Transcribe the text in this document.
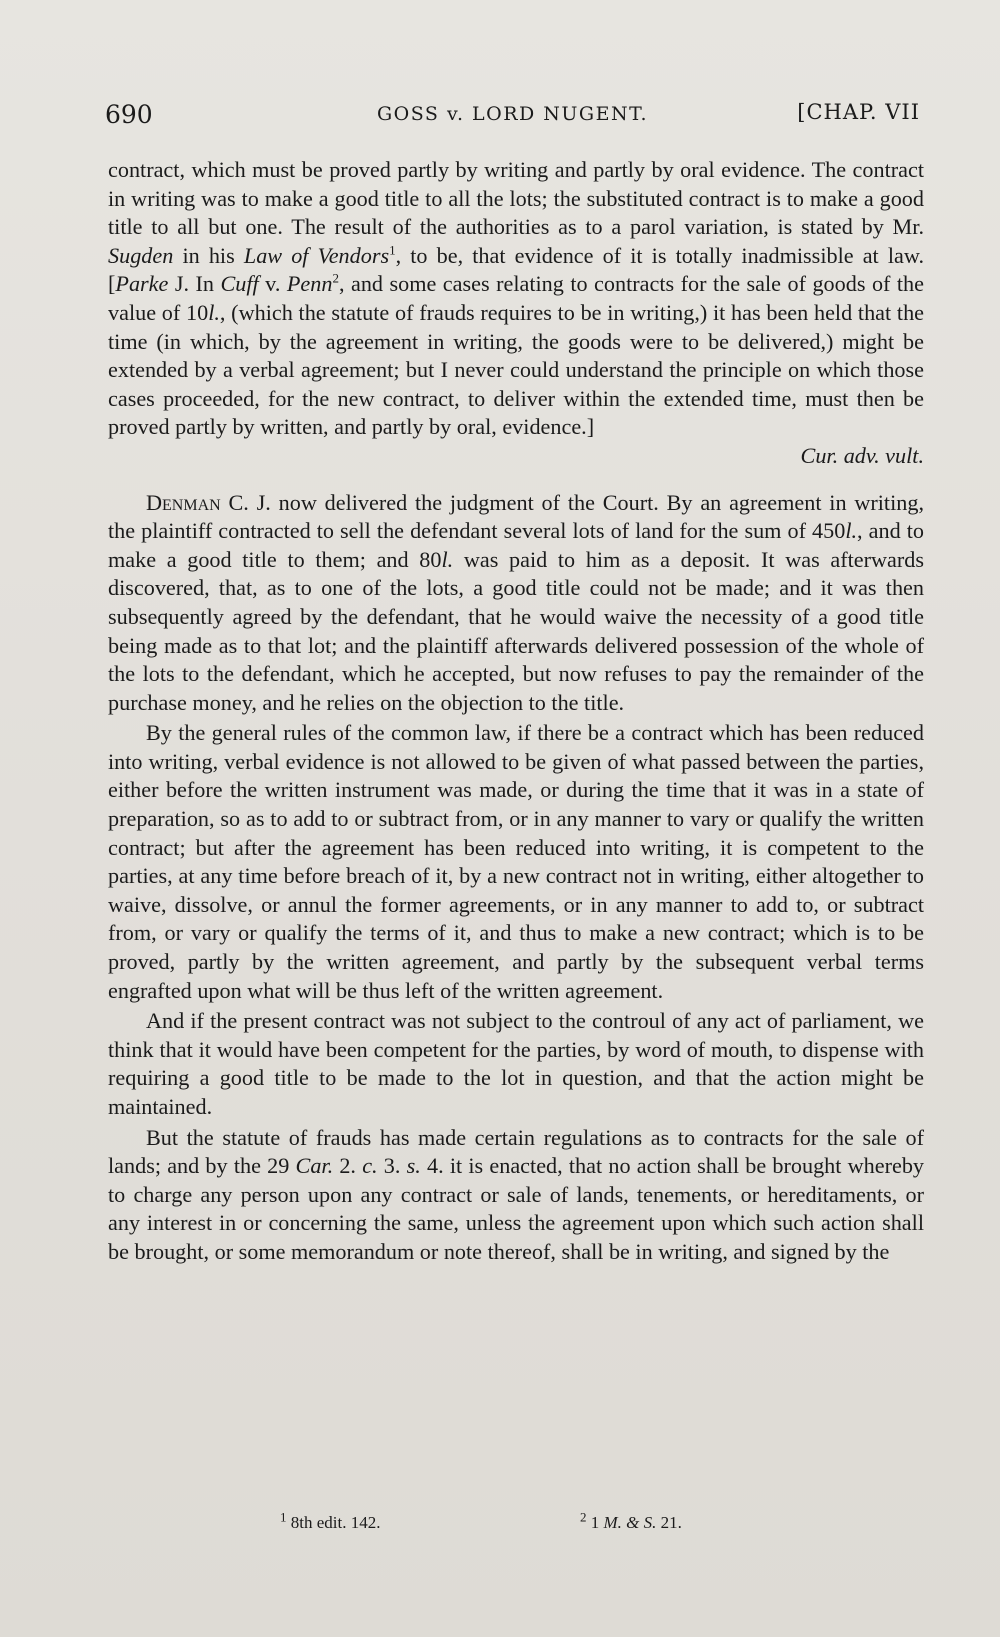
690	GOSS v. LORD NUGENT.	[CHAP. VII

contract, which must be proved partly by writing and partly by oral evidence. The contract in writing was to make a good title to all the lots; the substituted contract is to make a good title to all but one. The result of the authorities as to a parol variation, is stated by Mr. Sugden in his Law of Vendors$^1$, to be, that evidence of it is totally inadmissible at law. [Parke J. In Cuff v. Penn$^2$, and some cases relating to contracts for the sale of goods of the value of 10l., (which the statute of frauds requires to be in writing,) it has been held that the time (in which, by the agreement in writing, the goods were to be delivered,) might be extended by a verbal agreement; but I never could understand the principle on which those cases proceeded, for the new contract, to deliver within the extended time, must then be proved partly by written, and partly by oral, evidence.]

Cur. adv. vult.

Denman C. J. now delivered the judgment of the Court. By an agreement in writing, the plaintiff contracted to sell the defendant several lots of land for the sum of 450l., and to make a good title to them; and 80l. was paid to him as a deposit. It was afterwards discovered, that, as to one of the lots, a good title could not be made; and it was then subsequently agreed by the defendant, that he would waive the necessity of a good title being made as to that lot; and the plaintiff afterwards delivered possession of the whole of the lots to the defendant, which he accepted, but now refuses to pay the remainder of the purchase money, and he relies on the objection to the title.

By the general rules of the common law, if there be a contract which has been reduced into writing, verbal evidence is not allowed to be given of what passed between the parties, either before the written instrument was made, or during the time that it was in a state of preparation, so as to add to or subtract from, or in any manner to vary or qualify the written contract; but after the agreement has been reduced into writing, it is competent to the parties, at any time before breach of it, by a new contract not in writing, either altogether to waive, dissolve, or annul the former agreements, or in any manner to add to, or subtract from, or vary or qualify the terms of it, and thus to make a new contract; which is to be proved, partly by the written agreement, and partly by the subsequent verbal terms engrafted upon what will be thus left of the written agreement.

And if the present contract was not subject to the controul of any act of parliament, we think that it would have been competent for the parties, by word of mouth, to dispense with requiring a good title to be made to the lot in question, and that the action might be maintained.

But the statute of frauds has made certain regulations as to contracts for the sale of lands; and by the 29 Car. 2. c. 3. s. 4. it is enacted, that no action shall be brought whereby to charge any person upon any contract or sale of lands, tenements, or hereditaments, or any interest in or concerning the same, unless the agreement upon which such action shall be brought, or some memorandum or note thereof, shall be in writing, and signed by the

$^1$ 8th edit. 142.	$^2$ 1 M. & S. 21.
